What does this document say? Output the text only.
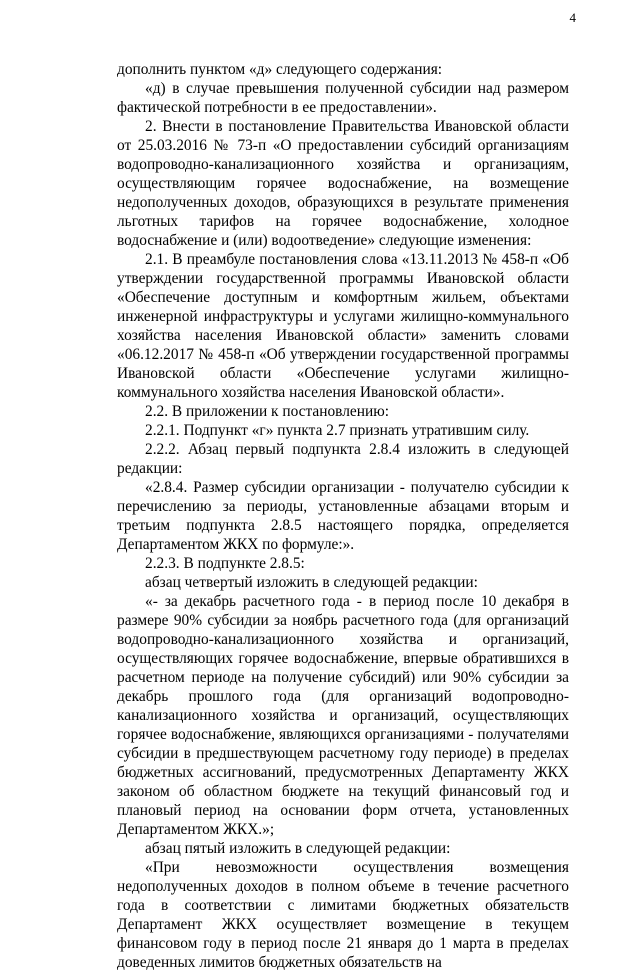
4

дополнить пунктом «д» следующего содержания:

«д) в случае превышения полученной субсидии над размером фактической потребности в ее предоставлении».

2. Внести в постановление Правительства Ивановской области от 25.03.2016 № 73-п «О предоставлении субсидий организациям водопроводно-канализационного хозяйства и организациям, осуществляющим горячее водоснабжение, на возмещение недополученных доходов, образующихся в результате применения льготных тарифов на горячее водоснабжение, холодное водоснабжение и (или) водоотведение» следующие изменения:

2.1. В преамбуле постановления слова «13.11.2013 № 458-п «Об утверждении государственной программы Ивановской области «Обеспечение доступным и комфортным жильем, объектами инженерной инфраструктуры и услугами жилищно-коммунального хозяйства населения Ивановской области» заменить словами «06.12.2017 № 458-п «Об утверждении государственной программы Ивановской области «Обеспечение услугами жилищно-коммунального хозяйства населения Ивановской области».

2.2. В приложении к постановлению:

2.2.1. Подпункт «г» пункта 2.7 признать утратившим силу.

2.2.2. Абзац первый подпункта 2.8.4 изложить в следующей редакции:

«2.8.4. Размер субсидии организации - получателю субсидии к перечислению за периоды, установленные абзацами вторым и третьим подпункта 2.8.5 настоящего порядка, определяется Департаментом ЖКХ по формуле:».

2.2.3. В подпункте 2.8.5:

абзац четвертый изложить в следующей редакции:

«- за декабрь расчетного года - в период после 10 декабря в размере 90% субсидии за ноябрь расчетного года (для организаций водопроводно-канализационного хозяйства и организаций, осуществляющих горячее водоснабжение, впервые обратившихся в расчетном периоде на получение субсидий) или 90% субсидии за декабрь прошлого года (для организаций водопроводно-канализационного хозяйства и организаций, осуществляющих горячее водоснабжение, являющихся организациями - получателями субсидии в предшествующем расчетному году периоде) в пределах бюджетных ассигнований, предусмотренных Департаменту ЖКХ законом об областном бюджете на текущий финансовый год и плановый период на основании форм отчета, установленных Департаментом ЖКХ.»;

абзац пятый изложить в следующей редакции:

«При невозможности осуществления возмещения недополученных доходов в полном объеме в течение расчетного года в соответствии с лимитами бюджетных обязательств Департамент ЖКХ осуществляет возмещение в текущем финансовом году в период после 21 января до 1 марта в пределах доведенных лимитов бюджетных обязательств на
